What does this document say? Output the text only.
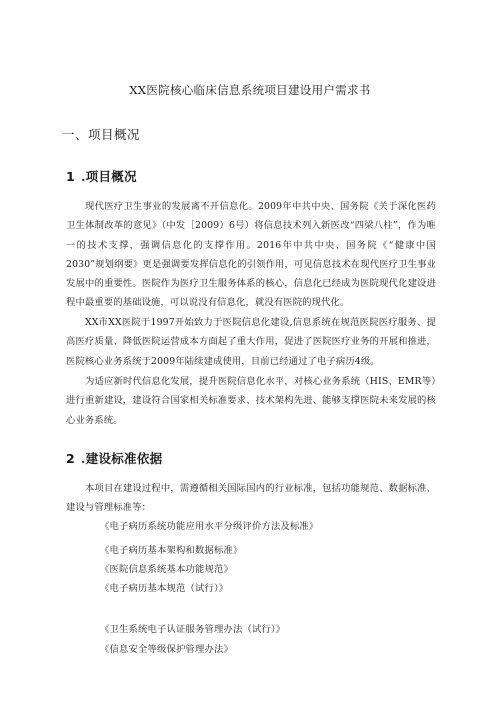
XX医院核心临床信息系统项目建设用户需求书
一、项目概况
1 .项目概况
现代医疗卫生事业的发展离不开信息化。2009年中共中央、国务院《关于深化医药卫生体制改革的意见》（中发［2009）6号）将信息技术列入新医改“四梁八柱”，作为唯一的技术支撑，强调信息化的支撑作用。2016年中共中央、国务院《“健康中国2030”规划纲要》更是强调要发挥信息化的引领作用，可见信息技术在现代医疗卫生事业发展中的重要性。医院作为医疗卫生服务体系的核心，信息化已经成为医院现代化建设进程中最重要的基础设施，可以说没有信息化，就没有医院的现代化。
XX市XX医院于1997开始致力于医院信息化建设,信息系统在规范医院医疗服务、提高医疗质量、降低医院运营成本方面起了重大作用，促进了医院医疗业务的开展和推进，医院核心业务系统于2009年陆续建成使用，目前已经通过了电子病历4级。
为适应新时代信息化发展，提升医院信息化水平，对核心业务系统（HIS、EMR等）进行重新建设，建设符合国家相关标准要求、技术架构先进、能够支撑医院未来发展的核心业务系统。
2 .建设标准依据
本项目在建设过程中，需遵循相关国际国内的行业标准，包括功能规范、数据标准、建设与管理标准等：
《电子病历系统功能应用水平分级评价方法及标准》
《电子病历基本架构和数据标准》
《医院信息系统基本功能规范》
《电子病历基本规范（试行）》
《卫生系统电子认证服务管理办法（试行）》
《信息安全等级保护管理办法》
